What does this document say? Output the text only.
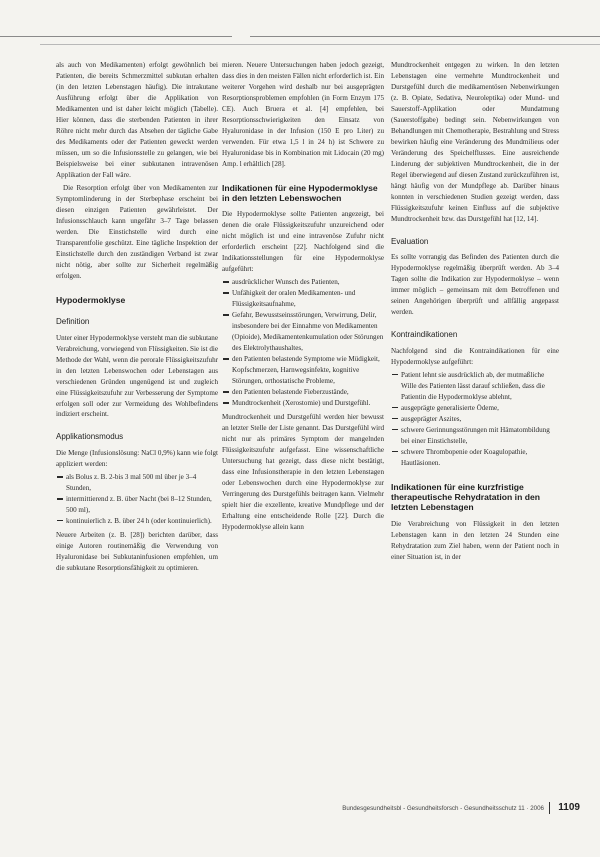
als auch von Medikamenten) erfolgt gewöhnlich bei Patienten, die bereits Schmerzmittel subkutan erhalten (in den letzten Lebenstagen häufig). Die intrakutane Ausführung erfolgt über die Applikation von Medikamenten und ist daher leicht möglich (Tabelle). Hier können, dass die sterbenden Patienten in ihrer Röhre nicht mehr durch das Absehen der tägliche Gabe des Medikaments oder der Patienten geweckt werden müssen, um so die Infusionsstelle zu gelangen, wie bei Beispielsweise bei einer subkutanen intravenösen Applikation der Fall wäre.

Die Resorption erfolgt über von Medikamenten zur Symptomlinderung in der Sterbephase erscheint bei diesen einzigen Patienten gewährleistet. Der Infusionsschlauch kann ungefähr 3–7 Tage belassen werden. Die Einstichstelle wird durch eine Transparentfolie geschützt. Eine tägliche Inspektion der Einstichstelle durch den zuständigen Verband ist zwar nicht nötig, aber sollte zur Sicherheit regelmäßig erfolgen.

Hypodermoklyse
Definition

Unter einer Hypodermoklyse versteht man die subkutane Verabreichung, vorwiegend von Flüssigkeiten. Sie ist die Methode der Wahl, wenn die perorale Flüssigkeitszufuhr in den letzten Lebenswochen oder Lebenstagen aus verschiedenen Gründen ungenügend ist und zugleich eine Flüssigkeitszufuhr zur Verbesserung der Symptome erfolgen soll oder zur Vermeidung des Wohlbefindens indiziert erscheint.

Applikationsmodus

Die Menge (Infusionslösung: NaCl 0,9%) kann wie folgt appliziert werden:

als Bolus z. B. 2-bis 3 mal 500 ml über je 3–4 Stunden,
intermittierend z. B. über Nacht (bei 8–12 Stunden, 500 ml),
kontinuierlich z. B. über 24 h (oder kontinuierlich).

Neuere Arbeiten (z. B. [28]) berichten darüber, dass einige Autoren routinemäßig die Verwendung von Hyaluronidase bei Subkutaninfusionen empfehlen, um die subkutane Resorptionsfähigkeit zu optimieren.

mieren. Neuere Untersuchungen haben jedoch gezeigt, dass dies in den meisten Fällen nicht erforderlich ist. Ein weiterer Vorgehen wird deshalb nur bei ausgeprägten Resorptionsproblemen empfohlen (in Form Enzym 175 CE). Auch Bruera et al. [4] empfehlen, bei Resorptionsschwierigkeiten den Einsatz von Hyaluronidase in der Infusion (150 E pro Liter) zu verwenden. Für etwa 1,5 l in 24 h) ist Schwere zu Hyaluronidase bis in Kombination mit Lidocain (20 mg) Amp. l erhältlich [28].

Indikationen für eine Hypodermoklyse in den letzten Lebenswochen

Die Hypodermoklyse sollte Patienten angezeigt, bei denen die orale Flüssigkeitszufuhr unzureichend oder nicht möglich ist und eine intravenöse Zufuhr nicht erforderlich erscheint [22]. Nachfolgend sind die Indikationsstellungen für eine Hypodermoklyse aufgeführt:

ausdrücklicher Wunsch des Patienten,
Unfähigkeit der oralen Medikamenten- und Flüssigkeitsaufnahme,
Gefahr, Bewusstseinsstörungen, Verwirrung, Delir, insbesondere bei der Einnahme von Medikamenten (Opioide), Medikamentenkumulation oder Störungen des Elektrolythaushaltes,
den Patienten belastende Symptome wie Müdigkeit, Kopfschmerzen, Harnwegsinfekte, kognitive Störungen, orthostatische Probleme,
den Patienten belastende Fieberzustände,
Mundtrockenheit (Xerostomie) und Durstgefühl.

Mundtrockenheit und Durstgefühl werden hier bewusst an letzter Stelle der Liste genannt. Das Durstgefühl wird nicht nur als primäres Symptom der mangelnden Flüssigkeitszufuhr aufgefasst. Eine wissenschaftliche Untersuchung hat gezeigt, dass diese nicht bestätigt, dass eine Infusionstherapie in den letzten Lebenstagen oder Lebenswochen durch eine Hypodermoklyse zur Verringerung des Durstgefühls beitragen kann. Vielmehr spielt hier die exzellente, kreative Mundpflege und der Erhaltung eine entscheidende Rolle [22]. Durch die Hypodermoklyse allein kann

Mundtrockenheit entgegen zu wirken. In den letzten Lebenstagen eine vermehrte Mundtrockenheit und Durstgefühl durch die medikamentösen Nebenwirkungen (z. B. Opiate, Sedativa, Neuroleptika) oder Mund- und Sauerstoff-Applikation oder Mundatmung (Sauerstoffgabe) bedingt sein. Nebenwirkungen von Behandlungen mit Chemotherapie, Bestrahlung und Stress bewirken häufig eine Veränderung des Mundmilieus oder Veränderung des Speichelflusses. Eine ausreichende Linderung der subjektiven Mundtrockenheit, die in der Regel überwiegend auf diesen Zustand zurückzuführen ist, hängt häufig von der Mundpflege ab. Darüber hinaus konnten in verschiedenen Studien gezeigt werden, dass Flüssigkeitszufuhr keinen Einfluss auf die subjektive Mundtrockenheit bzw. das Durstgefühl hat [12, 14].

Evaluation

Es sollte vorrangig das Befinden des Patienten durch die Hypodermoklyse regelmäßig überprüft werden. Ab 3–4 Tagen sollte die Indikation zur Hypodermoklyse – wenn immer möglich – gemeinsam mit dem Betroffenen und seinen Angehörigen überprüft und allfällig angepasst werden.

Kontraindikationen

Nachfolgend sind die Kontraindikationen für eine Hypodermoklyse aufgeführt:

Patient lehnt sie ausdrücklich ab, der mutmaßliche Wille des Patienten lässt darauf schließen, dass die Patientin die Hypodermoklyse ablehnt,
ausgeprägte generalisierte Ödeme,
ausgeprägter Aszites,
schwere Gerinnungsstörungen mit Hämatombildung bei einer Einstichstelle,
schwere Thrombopenie oder Koagulopathie, Hautläsionen.
Indikationen für eine kurzfristige therapeutische Rehydratation in den letzten Lebenstagen

Die Verabreichung von Flüssigkeit in den letzten Lebenstagen kann in den letzten 24 Stunden eine Rehydratation zum Ziel haben, wenn der Patient noch in einer Situation ist, in der

Bundesgesundheitsbl - Gesundheitsforsch - Gesundheitsschutz 11 · 2006 1109
